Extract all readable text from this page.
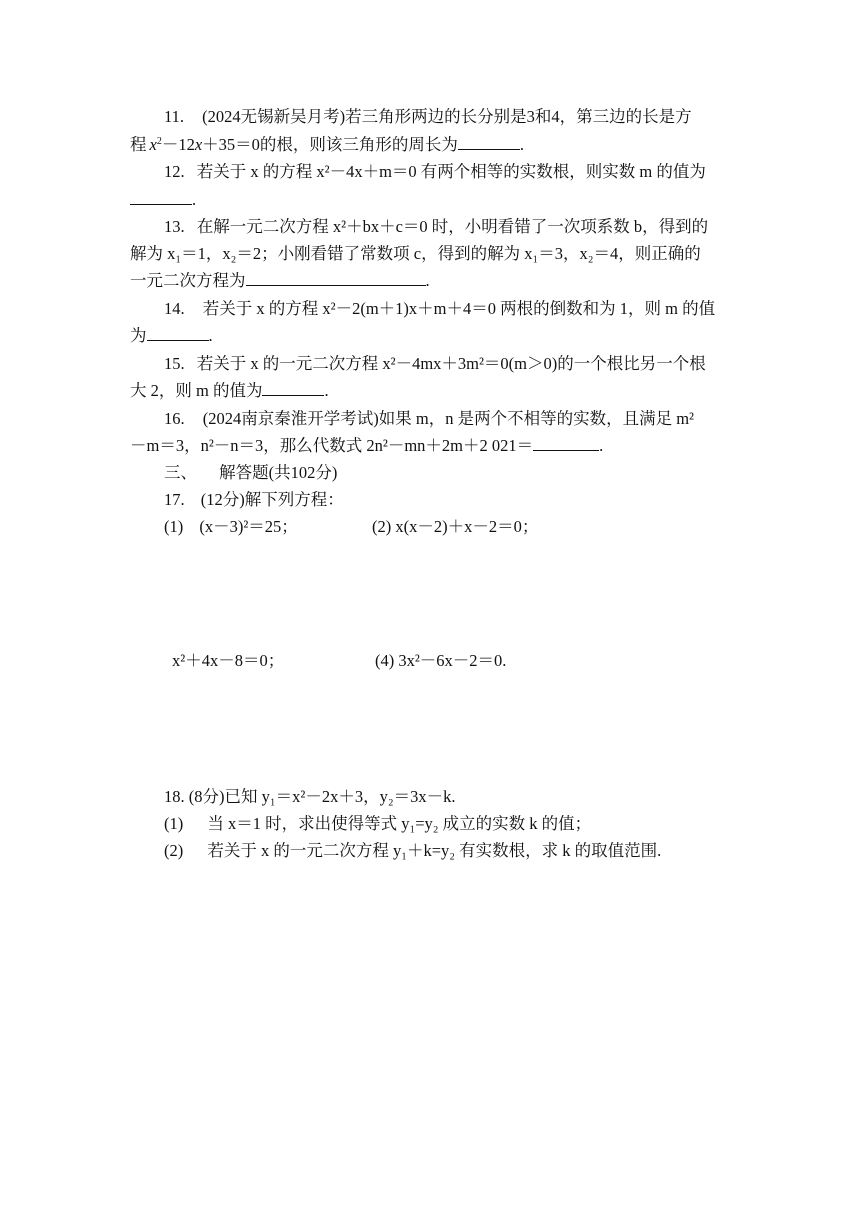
11. (2024无锡新吴月考)若三角形两边的长分别是3和4，第三边的长是方
程 $x^2-12x+35=0$的根，则该三角形的周长为	.
12. 若关于 x 的方程 x²－4x＋m＝0 有两个相等的实数根，则实数 m 的值为
.
13. 在解一元二次方程 x²＋bx＋c＝0 时，小明看错了一次项系数 b，得到的
解为 x₁＝1，x₂＝2；小刚看错了常数项 c，得到的解为 x₁＝3，x₂＝4，则正确的
一元二次方程为	.
14. 若关于 x 的方程 x²－2(m＋1)x＋m＋4＝0 两根的倒数和为 1，则 m 的值
为	.
15. 若关于 x 的一元二次方程 x²－4mx＋3m²＝0(m＞0)的一个根比另一个根
大 2，则 m 的值为	.
16. (2024南京秦淮开学考试)如果 m，n 是两个不相等的实数，且满足 m²
－m＝3，n²－n＝3，那么代数式 2n²－mn＋2m＋2 021＝	.
三、 解答题(共102分)
17. (12分)解下列方程：
(1) (x－3)²＝25；	(2) x(x－2)＋x－2＝0；
x²＋4x－8＝0；	(4) 3x²－6x－2＝0.
18. (8分)已知 y₁＝x²－2x＋3，y₂＝3x－k.
(1) 当 x＝1 时，求出使得等式 y₁=y₂ 成立的实数 k 的值；
(2) 若关于 x 的一元二次方程 y₁＋k=y₂ 有实数根，求 k 的取值范围.
